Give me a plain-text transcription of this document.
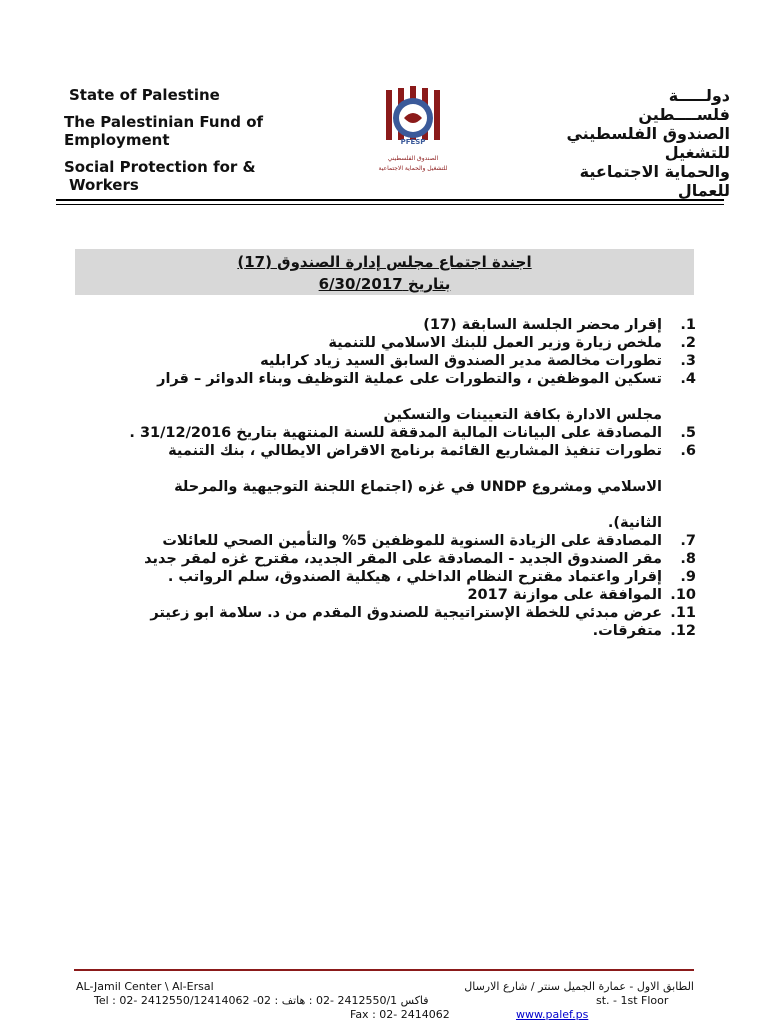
State of Palestine
The Palestinian Fund of
Employment
Social Protection for &
Workers
PFESP
الصندوق الفلسطيني
للتشغيل والحماية الاجتماعية
دولـــــة
فلســــطين
الصندوق الفلسطيني
للتشغيل
والحماية الاجتماعية
للعمال
اجندة اجتماع مجلس إدارة الصندوق (17)
بتاريخ 6/30/2017
1.
إقرار محضر الجلسة السابقة (17)
2.
ملخص زيارة وزير العمل للبنك الاسلامي للتنمية
3.
تطورات مخالصة مدير الصندوق السابق السيد زياد كرابليه
4.
تسكين الموظفين ، والتطورات على عملية التوظيف وبناء الدوائر – قرار
مجلس الادارة بكافة التعيينات والتسكين
5.
المصادقة على البيانات المالية المدققة للسنة المنتهية بتاريخ 31/12/2016 .
6.
تطورات تنفيذ المشاريع القائمة برنامج الاقراض الايطالي ، بنك التنمية
الاسلامي ومشروع UNDP في غزه (اجتماع اللجنة التوجيهية والمرحلة
الثانية).
7.
المصادقة على الزيادة السنوية للموظفين 5% والتأمين الصحي للعائلات
8.
مقر الصندوق الجديد - المصادقة على المقر الجديد، مقترح غزه لمقر جديد
9.
إقرار واعتماد مقترح النظام الداخلي ، هيكلية الصندوق، سلم الرواتب .
10.
الموافقة على موازنة 2017
11.
عرض مبدئي للخطة الإستراتيجية للصندوق المقدم من د. سلامة ابو زعيتر
12.
متفرقات.
AL-Jamil Center \ Al-Ersal	الطابق الاول - عمارة الجميل سنتر / شارع الارسال
Tel : 02- 2412550/12414062 -02 : فاكس 2412550/1 -02 : هاتف	st. - 1st Floor
Fax : 02- 2414062	www.palef.ps
